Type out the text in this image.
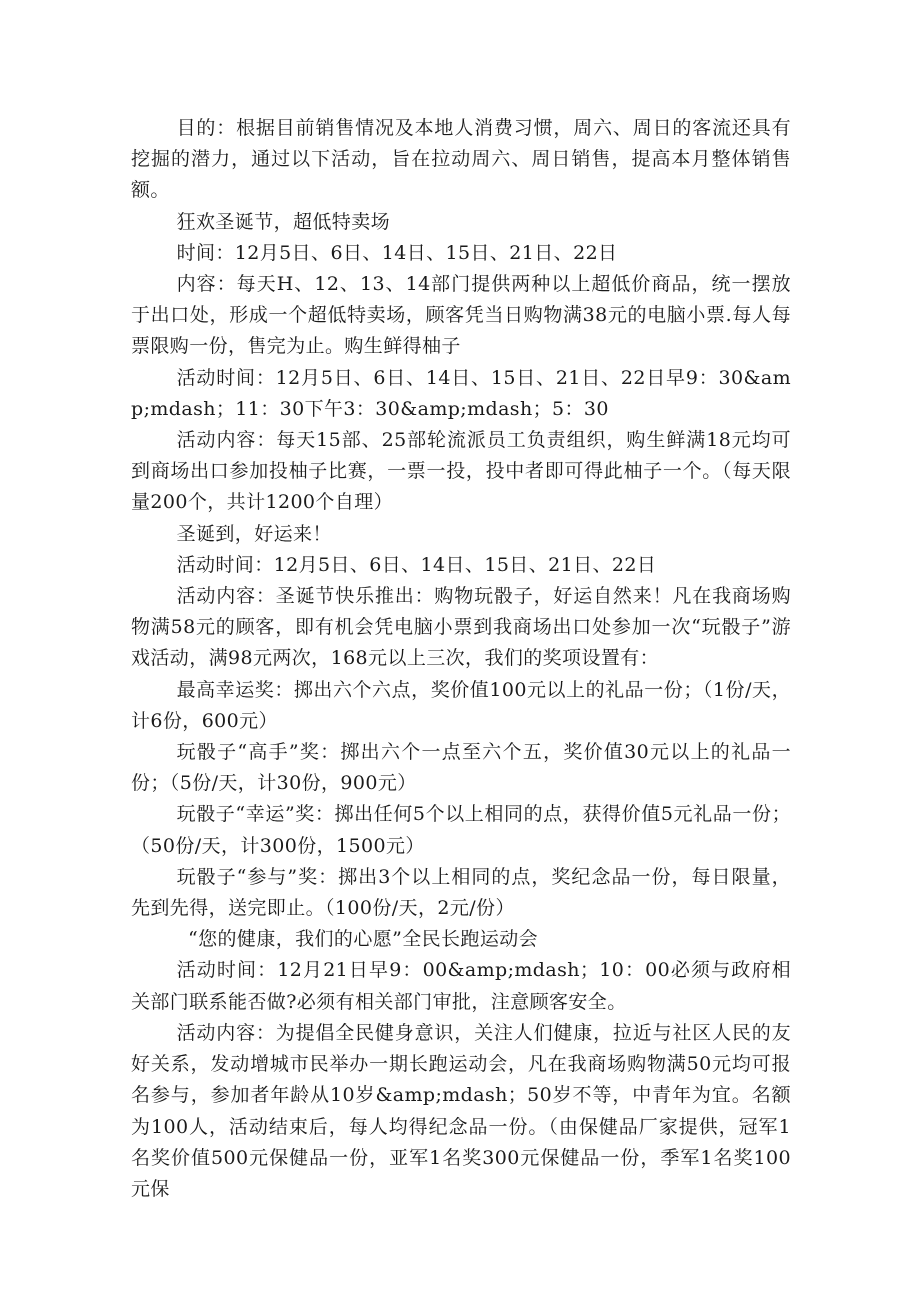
目的：根据目前销售情况及本地人消费习惯，周六、周日的客流还具有挖掘的潜力，通过以下活动，旨在拉动周六、周日销售，提高本月整体销售额。

狂欢圣诞节，超低特卖场

时间：12月5日、6日、14日、15日、21日、22日

内容：每天H、12、13、14部门提供两种以上超低价商品，统一摆放于出口处，形成一个超低特卖场，顾客凭当日购物满38元的电脑小票.每人每票限购一份，售完为止。购生鲜得柚子

活动时间：12月5日、6日、14日、15日、21日、22日早9：30&amp;mdash；11：30下午3：30&amp;mdash；5：30

活动内容：每天15部、25部轮流派员工负责组织，购生鲜满18元均可到商场出口参加投柚子比赛，一票一投，投中者即可得此柚子一个。（每天限量200个，共计1200个自理）

圣诞到，好运来！

活动时间：12月5日、6日、14日、15日、21日、22日

活动内容：圣诞节快乐推出：购物玩骰子，好运自然来！凡在我商场购物满58元的顾客，即有机会凭电脑小票到我商场出口处参加一次“玩骰子”游戏活动，满98元两次，168元以上三次，我们的奖项设置有：

最高幸运奖：掷出六个六点，奖价值100元以上的礼品一份；（1份/天，计6份，600元）

玩骰子“高手”奖：掷出六个一点至六个五，奖价值30元以上的礼品一份；（5份/天，计30份，900元）

玩骰子“幸运”奖：掷出任何5个以上相同的点，获得价值5元礼品一份；（50份/天，计300份，1500元）

玩骰子“参与”奖：掷出3个以上相同的点，奖纪念品一份，每日限量，先到先得，送完即止。（100份/天，2元/份）

“您的健康，我们的心愿”全民长跑运动会

活动时间：12月21日早9：00&amp;mdash；10：00必须与政府相关部门联系能否做?必须有相关部门审批，注意顾客安全。

活动内容：为提倡全民健身意识，关注人们健康，拉近与社区人民的友好关系，发动增城市民举办一期长跑运动会，凡在我商场购物满50元均可报名参与，参加者年龄从10岁&amp;mdash；50岁不等，中青年为宜。名额为100人，活动结束后，每人均得纪念品一份。（由保健品厂家提供，冠军1名奖价值500元保健品一份，亚军1名奖300元保健品一份，季军1名奖100元保
